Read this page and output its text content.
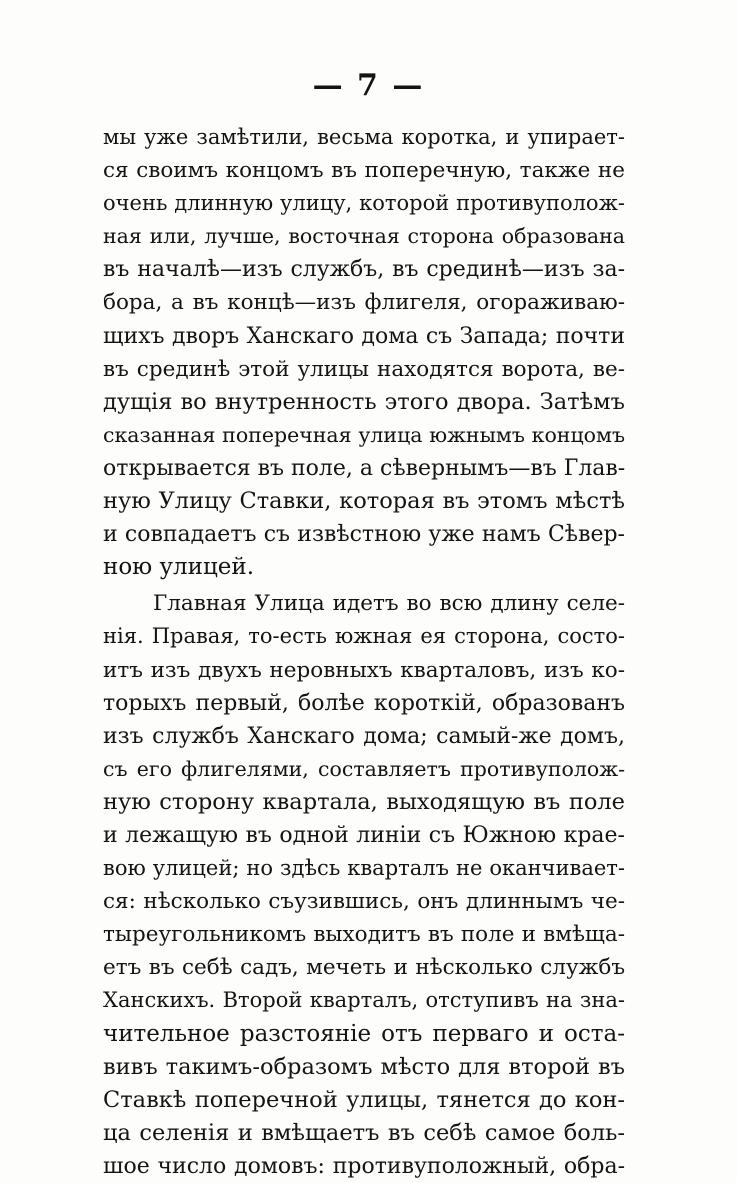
— 7 —
мы уже замѣтили, весьма коротка, и упирает-
ся своимъ концомъ въ поперечную, также не
очень длинную улицу, которой противуполож-
ная или, лучше, восточная сторона образована
въ началѣ—изъ службъ, въ срединѣ—изъ за-
бора, а въ концѣ—изъ флигеля, огораживаю-
щихъ дворъ Ханскаго дома съ Запада; почти
въ срединѣ этой улицы находятся ворота, ве-
дущія во внутренность этого двора. Затѣмъ
сказанная поперечная улица южнымъ концомъ
открывается въ поле, а сѣвернымъ—въ Глав-
ную Улицу Ставки, которая въ этомъ мѣстѣ
и совпадаетъ съ извѣстною уже намъ Сѣвер-
ною улицей.
Главная Улица идетъ во всю длину селе-
нія. Правая, то-есть южная ея сторона, состо-
итъ изъ двухъ неровныхъ кварталовъ, изъ ко-
торыхъ первый, болѣе короткій, образованъ
изъ службъ Ханскаго дома; самый-же домъ,
съ его флигелями, составляетъ противуполож-
ную сторону квартала, выходящую въ поле
и лежащую въ одной линіи съ Южною крае-
вою улицей; но здѣсь кварталъ не оканчивает-
ся: нѣсколько съузившись, онъ длиннымъ че-
тыреугольникомъ выходитъ въ поле и вмѣща-
етъ въ себѣ садъ, мечеть и нѣсколько службъ
Ханскихъ. Второй кварталъ, отступивъ на зна-
чительное разстояніе отъ перваго и оста-
вивъ такимъ-образомъ мѣсто для второй въ
Ставкѣ поперечной улицы, тянется до кон-
ца селенія и вмѣщаетъ въ себѣ самое боль-
шое число домовъ: противуположный, обра-
